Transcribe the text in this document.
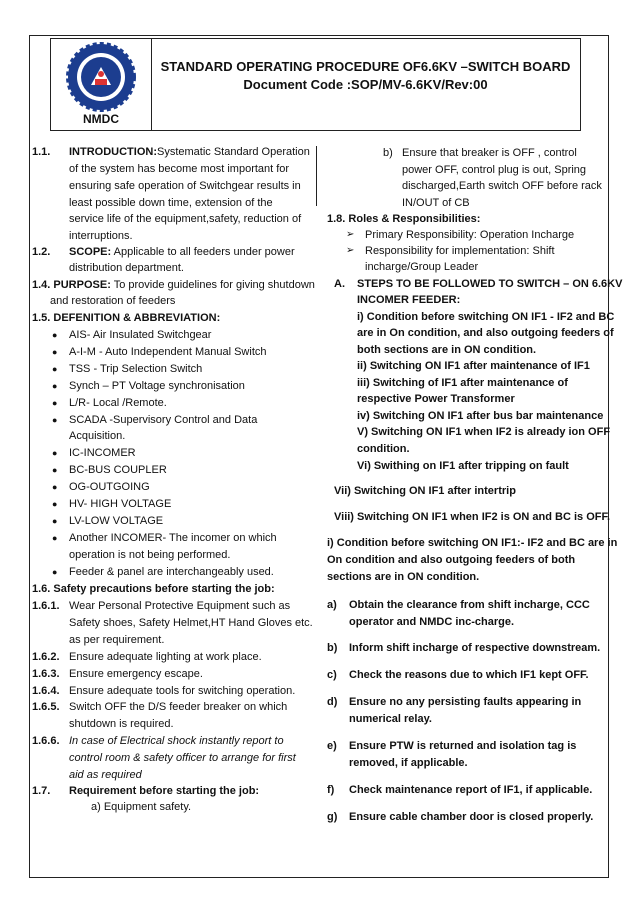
NMDC
STANDARD OPERATING PROCEDURE OF6.6KV –SWITCH BOARD
Document Code :SOP/MV-6.6KV/Rev:00
1.1. INTRODUCTION:Systematic Standard Operation
of the system has become most important for
ensuring safe operation of Switchgear results in
least possible down time, extension of the
service life of the equipment,safety, reduction of
interruptions.
1.2. SCOPE: Applicable to all feeders under power
distribution department.
1.4. PURPOSE: To provide guidelines for giving shutdown
and restoration of feeders
1.5. DEFENITION & ABBREVIATION:
● AIS- Air Insulated Switchgear
● A-I-M - Auto Independent Manual Switch
● TSS - Trip Selection Switch
● Synch – PT Voltage synchronisation
● L/R- Local /Remote.
● SCADA -Supervisory Control and Data
Acquisition.
● IC-INCOMER
● BC-BUS COUPLER
● OG-OUTGOING
● HV- HIGH VOLTAGE
● LV-LOW VOLTAGE
● Another INCOMER- The incomer on which
operation is not being performed.
● Feeder & panel are interchangeably used.
1.6. Safety precautions before starting the job:
1.6.1. Wear Personal Protective Equipment such as
Safety shoes, Safety Helmet,HT Hand Gloves etc.
as per requirement.
1.6.2. Ensure adequate lighting at work place.
1.6.3. Ensure emergency escape.
1.6.4. Ensure adequate tools for switching operation.
1.6.5. Switch OFF the D/S feeder breaker on which
shutdown is required.
1.6.6. In case of Electrical shock instantly report to
control room & safety officer to arrange for first
aid as required
1.7. Requirement before starting the job:
a) Equipment safety.
b) Ensure that breaker is OFF , control
power OFF, control plug is out, Spring
discharged,Earth switch OFF before rack
IN/OUT of CB
1.8. Roles & Responsibilities:
➢ Primary Responsibility: Operation Incharge
➢ Responsibility for implementation: Shift
incharge/Group Leader
A. STEPS TO BE FOLLOWED TO SWITCH – ON 6.6KV
INCOMER FEEDER:
i) Condition before switching ON IF1 - IF2 and BC
are in On condition, and also outgoing feeders of
both sections are in ON condition.
ii) Switching ON IF1 after maintenance of IF1
iii) Switching of IF1 after maintenance of
respective Power Transformer
iv) Switching ON IF1 after bus bar maintenance
V) Switching ON IF1 when IF2 is already ion OFF
condition.
Vi) Swithing on IF1 after tripping on fault
Vii) Switching ON IF1 after intertrip
Viii) Switching ON IF1 when IF2 is ON and BC is OFF.
i) Condition before switching ON IF1:- IF2 and BC are in
On condition and also outgoing feeders of both
sections are in ON condition.
a) Obtain the clearance from shift incharge, CCC
operator and NMDC inc-charge.
b) Inform shift incharge of respective downstream.
c) Check the reasons due to which IF1 kept OFF.
d) Ensure no any persisting faults appearing in
numerical relay.
e) Ensure PTW is returned and isolation tag is
removed, if applicable.
f) Check maintenance report of IF1, if applicable.
g) Ensure cable chamber door is closed properly.
